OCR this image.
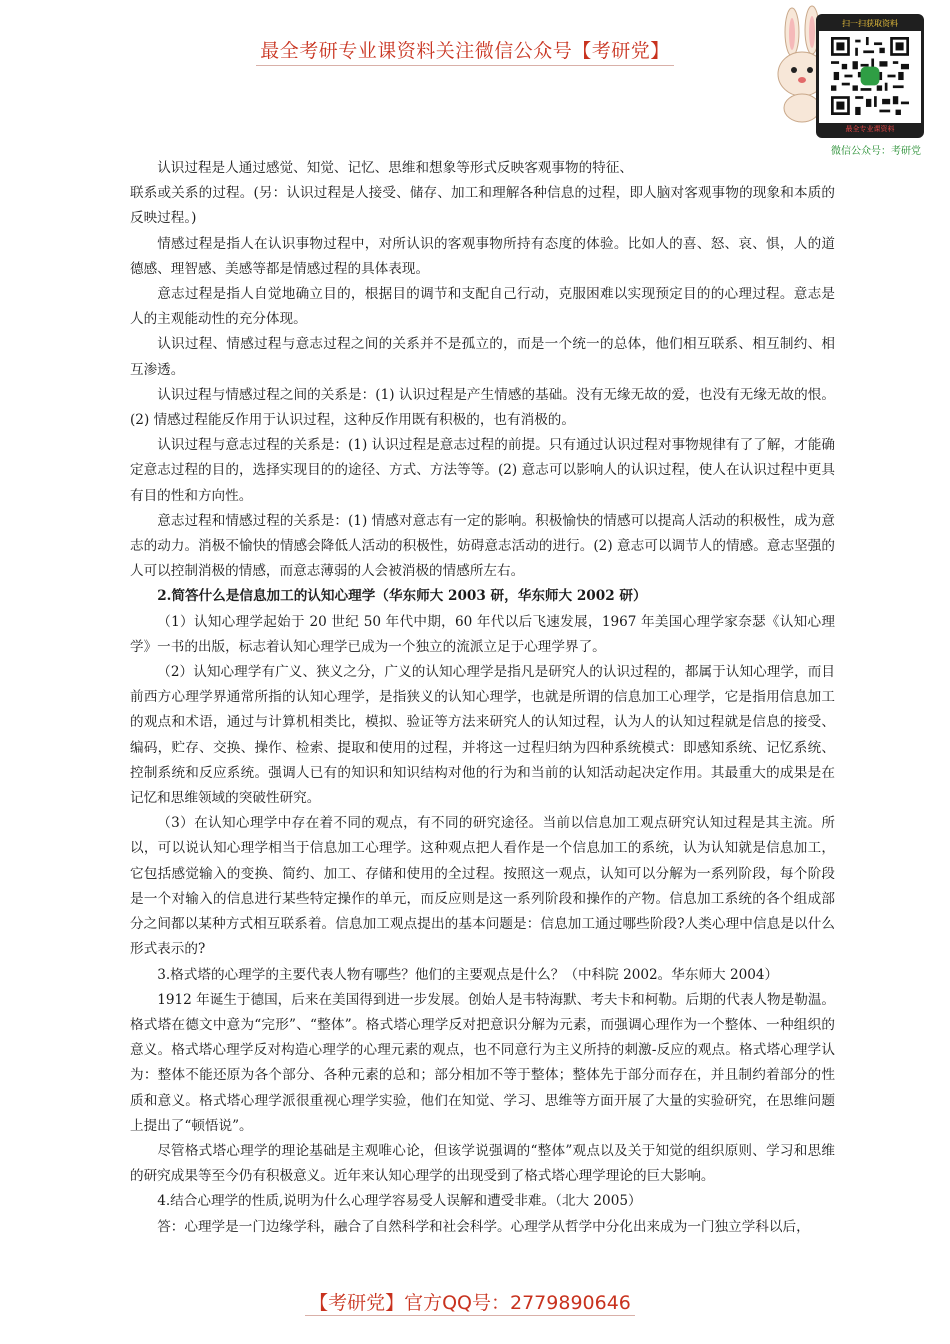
最全考研专业课资料关注微信公众号【考研党】
扫一扫获取资料
最全专业课资料
微信公众号：考研党

认识过程是人通过感觉、知觉、记忆、思维和想象等形式反映客观事物的特征、

联系或关系的过程。(另：认识过程是人接受、储存、加工和理解各种信息的过程，即人脑对客观事物的现象和本质的反映过程。)

情感过程是指人在认识事物过程中，对所认识的客观事物所持有态度的体验。比如人的喜、怒、哀、惧，人的道德感、理智感、美感等都是情感过程的具体表现。

意志过程是指人自觉地确立目的，根据目的调节和支配自己行动，克服困难以实现预定目的的心理过程。意志是人的主观能动性的充分体现。

认识过程、情感过程与意志过程之间的关系并不是孤立的，而是一个统一的总体，他们相互联系、相互制约、相互渗透。

认识过程与情感过程之间的关系是：(1) 认识过程是产生情感的基础。没有无缘无故的爱，也没有无缘无故的恨。(2) 情感过程能反作用于认识过程，这种反作用既有积极的，也有消极的。

认识过程与意志过程的关系是：(1) 认识过程是意志过程的前提。只有通过认识过程对事物规律有了了解，才能确定意志过程的目的，选择实现目的的途径、方式、方法等等。(2) 意志可以影响人的认识过程，使人在认识过程中更具有目的性和方向性。

意志过程和情感过程的关系是：(1) 情感对意志有一定的影响。积极愉快的情感可以提高人活动的积极性，成为意志的动力。消极不愉快的情感会降低人活动的积极性，妨碍意志活动的进行。(2) 意志可以调节人的情感。意志坚强的人可以控制消极的情感，而意志薄弱的人会被消极的情感所左右。

2.简答什么是信息加工的认知心理学（华东师大 2003 研，华东师大 2002 研）

（1）认知心理学起始于 20 世纪 50 年代中期，60 年代以后飞速发展，1967 年美国心理学家奈瑟《认知心理学》一书的出版，标志着认知心理学已成为一个独立的流派立足于心理学界了。

（2）认知心理学有广义、狭义之分，广义的认知心理学是指凡是研究人的认识过程的，都属于认知心理学，而目前西方心理学界通常所指的认知心理学，是指狭义的认知心理学，也就是所谓的信息加工心理学，它是指用信息加工的观点和术语，通过与计算机相类比，模拟、验证等方法来研究人的认知过程，认为人的认知过程就是信息的接受、编码，贮存、交换、操作、检索、提取和使用的过程，并将这一过程归纳为四种系统模式：即感知系统、记忆系统、控制系统和反应系统。强调人已有的知识和知识结构对他的行为和当前的认知活动起决定作用。其最重大的成果是在记忆和思维领域的突破性研究。

（3）在认知心理学中存在着不同的观点，有不同的研究途径。当前以信息加工观点研究认知过程是其主流。所以，可以说认知心理学相当于信息加工心理学。这种观点把人看作是一个信息加工的系统，认为认知就是信息加工，它包括感觉输入的变换、简约、加工、存储和使用的全过程。按照这一观点，认知可以分解为一系列阶段，每个阶段是一个对输入的信息进行某些特定操作的单元，而反应则是这一系列阶段和操作的产物。信息加工系统的各个组成部分之间都以某种方式相互联系着。信息加工观点提出的基本问题是：信息加工通过哪些阶段?人类心理中信息是以什么形式表示的?

3.格式塔的心理学的主要代表人物有哪些？他们的主要观点是什么？（中科院 2002。华东师大 2004）

1912 年诞生于德国，后来在美国得到进一步发展。创始人是韦特海默、考夫卡和柯勒。后期的代表人物是勒温。格式塔在德文中意为“完形”、“整体”。格式塔心理学反对把意识分解为元素，而强调心理作为一个整体、一种组织的意义。格式塔心理学反对构造心理学的心理元素的观点，也不同意行为主义所持的刺激-反应的观点。格式塔心理学认为：整体不能还原为各个部分、各种元素的总和；部分相加不等于整体；整体先于部分而存在，并且制约着部分的性质和意义。格式塔心理学派很重视心理学实验，他们在知觉、学习、思维等方面开展了大量的实验研究，在思维问题上提出了“顿悟说”。

尽管格式塔心理学的理论基础是主观唯心论，但该学说强调的“整体”观点以及关于知觉的组织原则、学习和思维的研究成果等至今仍有积极意义。近年来认知心理学的出现受到了格式塔心理学理论的巨大影响。

4.结合心理学的性质,说明为什么心理学容易受人误解和遭受非难。（北大 2005）

答：心理学是一门边缘学科，融合了自然科学和社会科学。心理学从哲学中分化出来成为一门独立学科以后，

【考研党】官方QQ号：2779890646
